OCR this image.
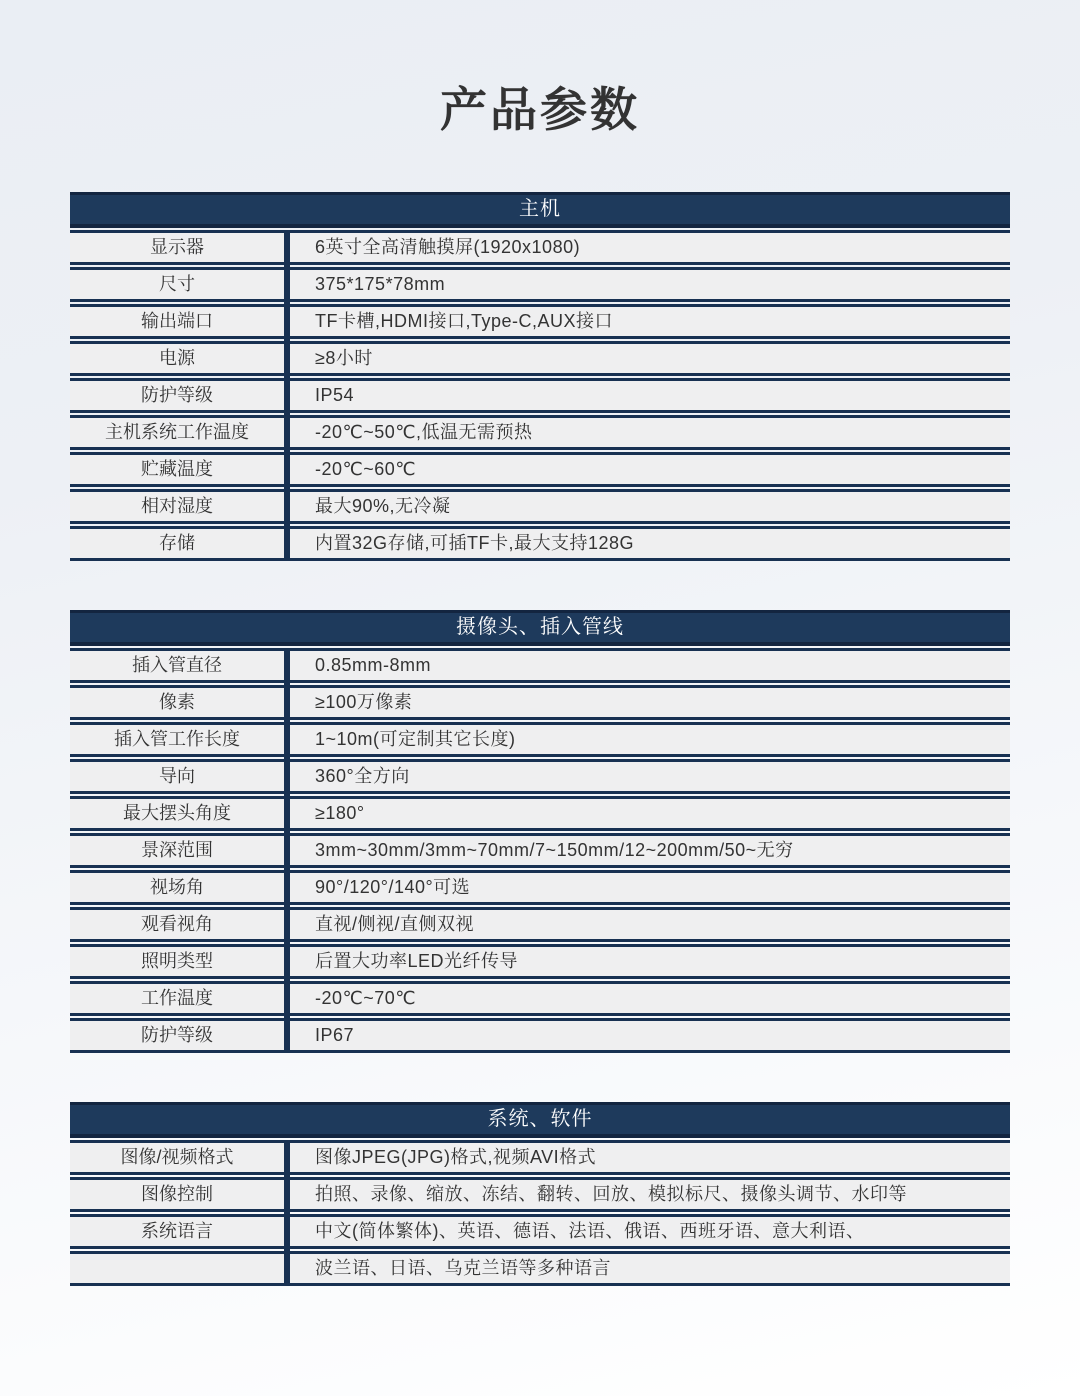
产品参数
主机
显示器	6英寸全高清触摸屏(1920x1080)
尺寸	375*175*78mm
输出端口	TF卡槽,HDMI接口,Type-C,AUX接口
电源	≥8小时
防护等级	IP54
主机系统工作温度	-20℃~50℃,低温无需预热
贮藏温度	-20℃~60℃
相对湿度	最大90%,无冷凝
存储	内置32G存储,可插TF卡,最大支持128G
摄像头、插入管线
插入管直径	0.85mm-8mm
像素	≥100万像素
插入管工作长度	1~10m(可定制其它长度)
导向	360°全方向
最大摆头角度	≥180°
景深范围	3mm~30mm/3mm~70mm/7~150mm/12~200mm/50~无穷
视场角	90°/120°/140°可选
观看视角	直视/侧视/直侧双视
照明类型	后置大功率LED光纤传导
工作温度	-20℃~70℃
防护等级	IP67
系统、软件
图像/视频格式	图像JPEG(JPG)格式,视频AVI格式
图像控制	拍照、录像、缩放、冻结、翻转、回放、模拟标尺、摄像头调节、水印等
系统语言	中文(简体繁体)、英语、德语、法语、俄语、西班牙语、意大利语、
波兰语、日语、乌克兰语等多种语言
